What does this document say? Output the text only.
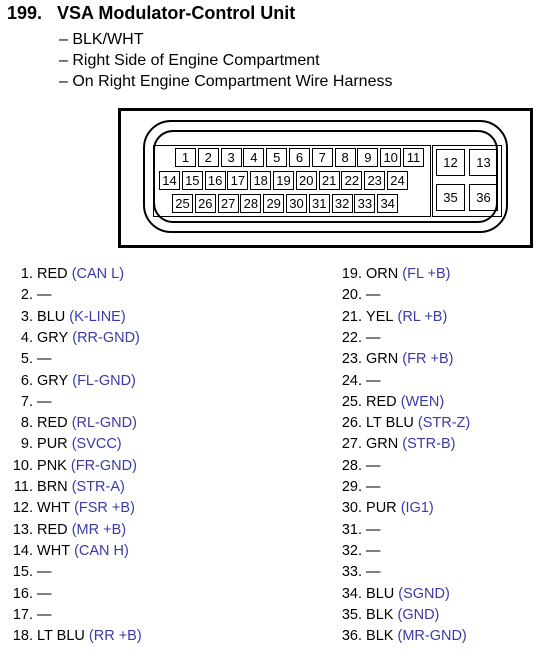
199. VSA Modulator-Control Unit
– BLK/WHT
– Right Side of Engine Compartment
– On Right Engine Compartment Wire Harness
1	2	3	4	5	6	7	8	9 10 11
14 15 16 17 18 19 20 21 22 23 24
25 26 27 28 29 30 31 32 33 34
12	13
35	36
1. RED (CAN L)
2. —
3. BLU (K-LINE)
4. GRY (RR-GND)
5. —
6. GRY (FL-GND)
7. —
8. RED (RL-GND)
9. PUR (SVCC)
10. PNK (FR-GND)
11. BRN (STR-A)
12. WHT (FSR +B)
13. RED (MR +B)
14. WHT (CAN H)
15. —
16. —
17. —
18. LT BLU (RR +B)
19. ORN (FL +B)
20. —
21. YEL (RL +B)
22. —
23. GRN (FR +B)
24. —
25. RED (WEN)
26. LT BLU (STR-Z)
27. GRN (STR-B)
28. —
29. —
30. PUR (IG1)
31. —
32. —
33. —
34. BLU (SGND)
35. BLK (GND)
36. BLK (MR-GND)
